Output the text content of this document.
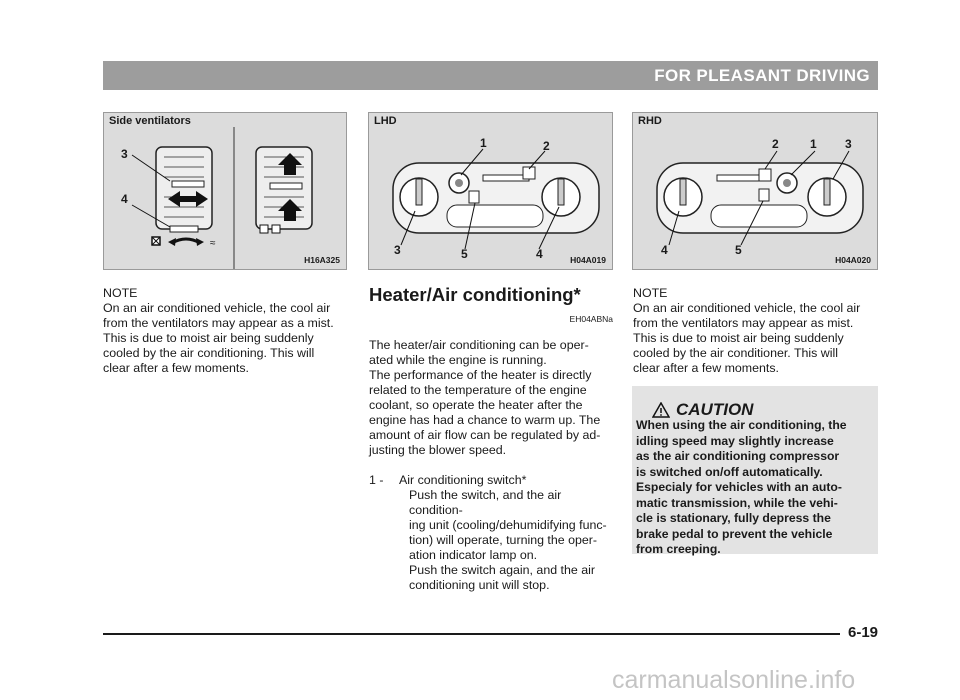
FOR PLEASANT DRIVING
Side ventilators
≈
3
4
H16A325
LHD
1	2
3	5	4	H04A019
RHD
2	1 3
4	5
H04A020

NOTE

On an air conditioned vehicle, the cool air

from the ventilators may appear as a mist.

This is due to moist air being suddenly

cooled by the air conditioning. This will

clear after a few moments.

Heater/Air conditioning*
EH04ABNa

The heater/air conditioning can be oper-

ated while the engine is running.

The performance of the heater is directly

related to the temperature of the engine

coolant, so operate the heater after the

engine has had a chance to warm up. The

amount of air flow can be regulated by ad-

justing the blower speed.

1 -	Air conditioning switch*

Push the switch, and the air condition-

ing unit (cooling/dehumidifying func-

tion) will operate, turning the oper-

ation indicator lamp on.

Push the switch again, and the air

conditioning unit will stop.

NOTE

On an air conditioned vehicle, the cool air

from the ventilators may appear as mist.

This is due to moist air being suddenly

cooled by the air conditioner. This will

clear after a few moments.

CAUTION
When using the air conditioning, the
idling speed may slightly increase
as the air conditioning compressor
is switched on/off automatically.
Especialy for vehicles with an auto-
matic transmission, while the vehi-
cle is stationary, fully depress the
brake pedal to prevent the vehicle
from creeping.
6-19
carmanualsonline.info
